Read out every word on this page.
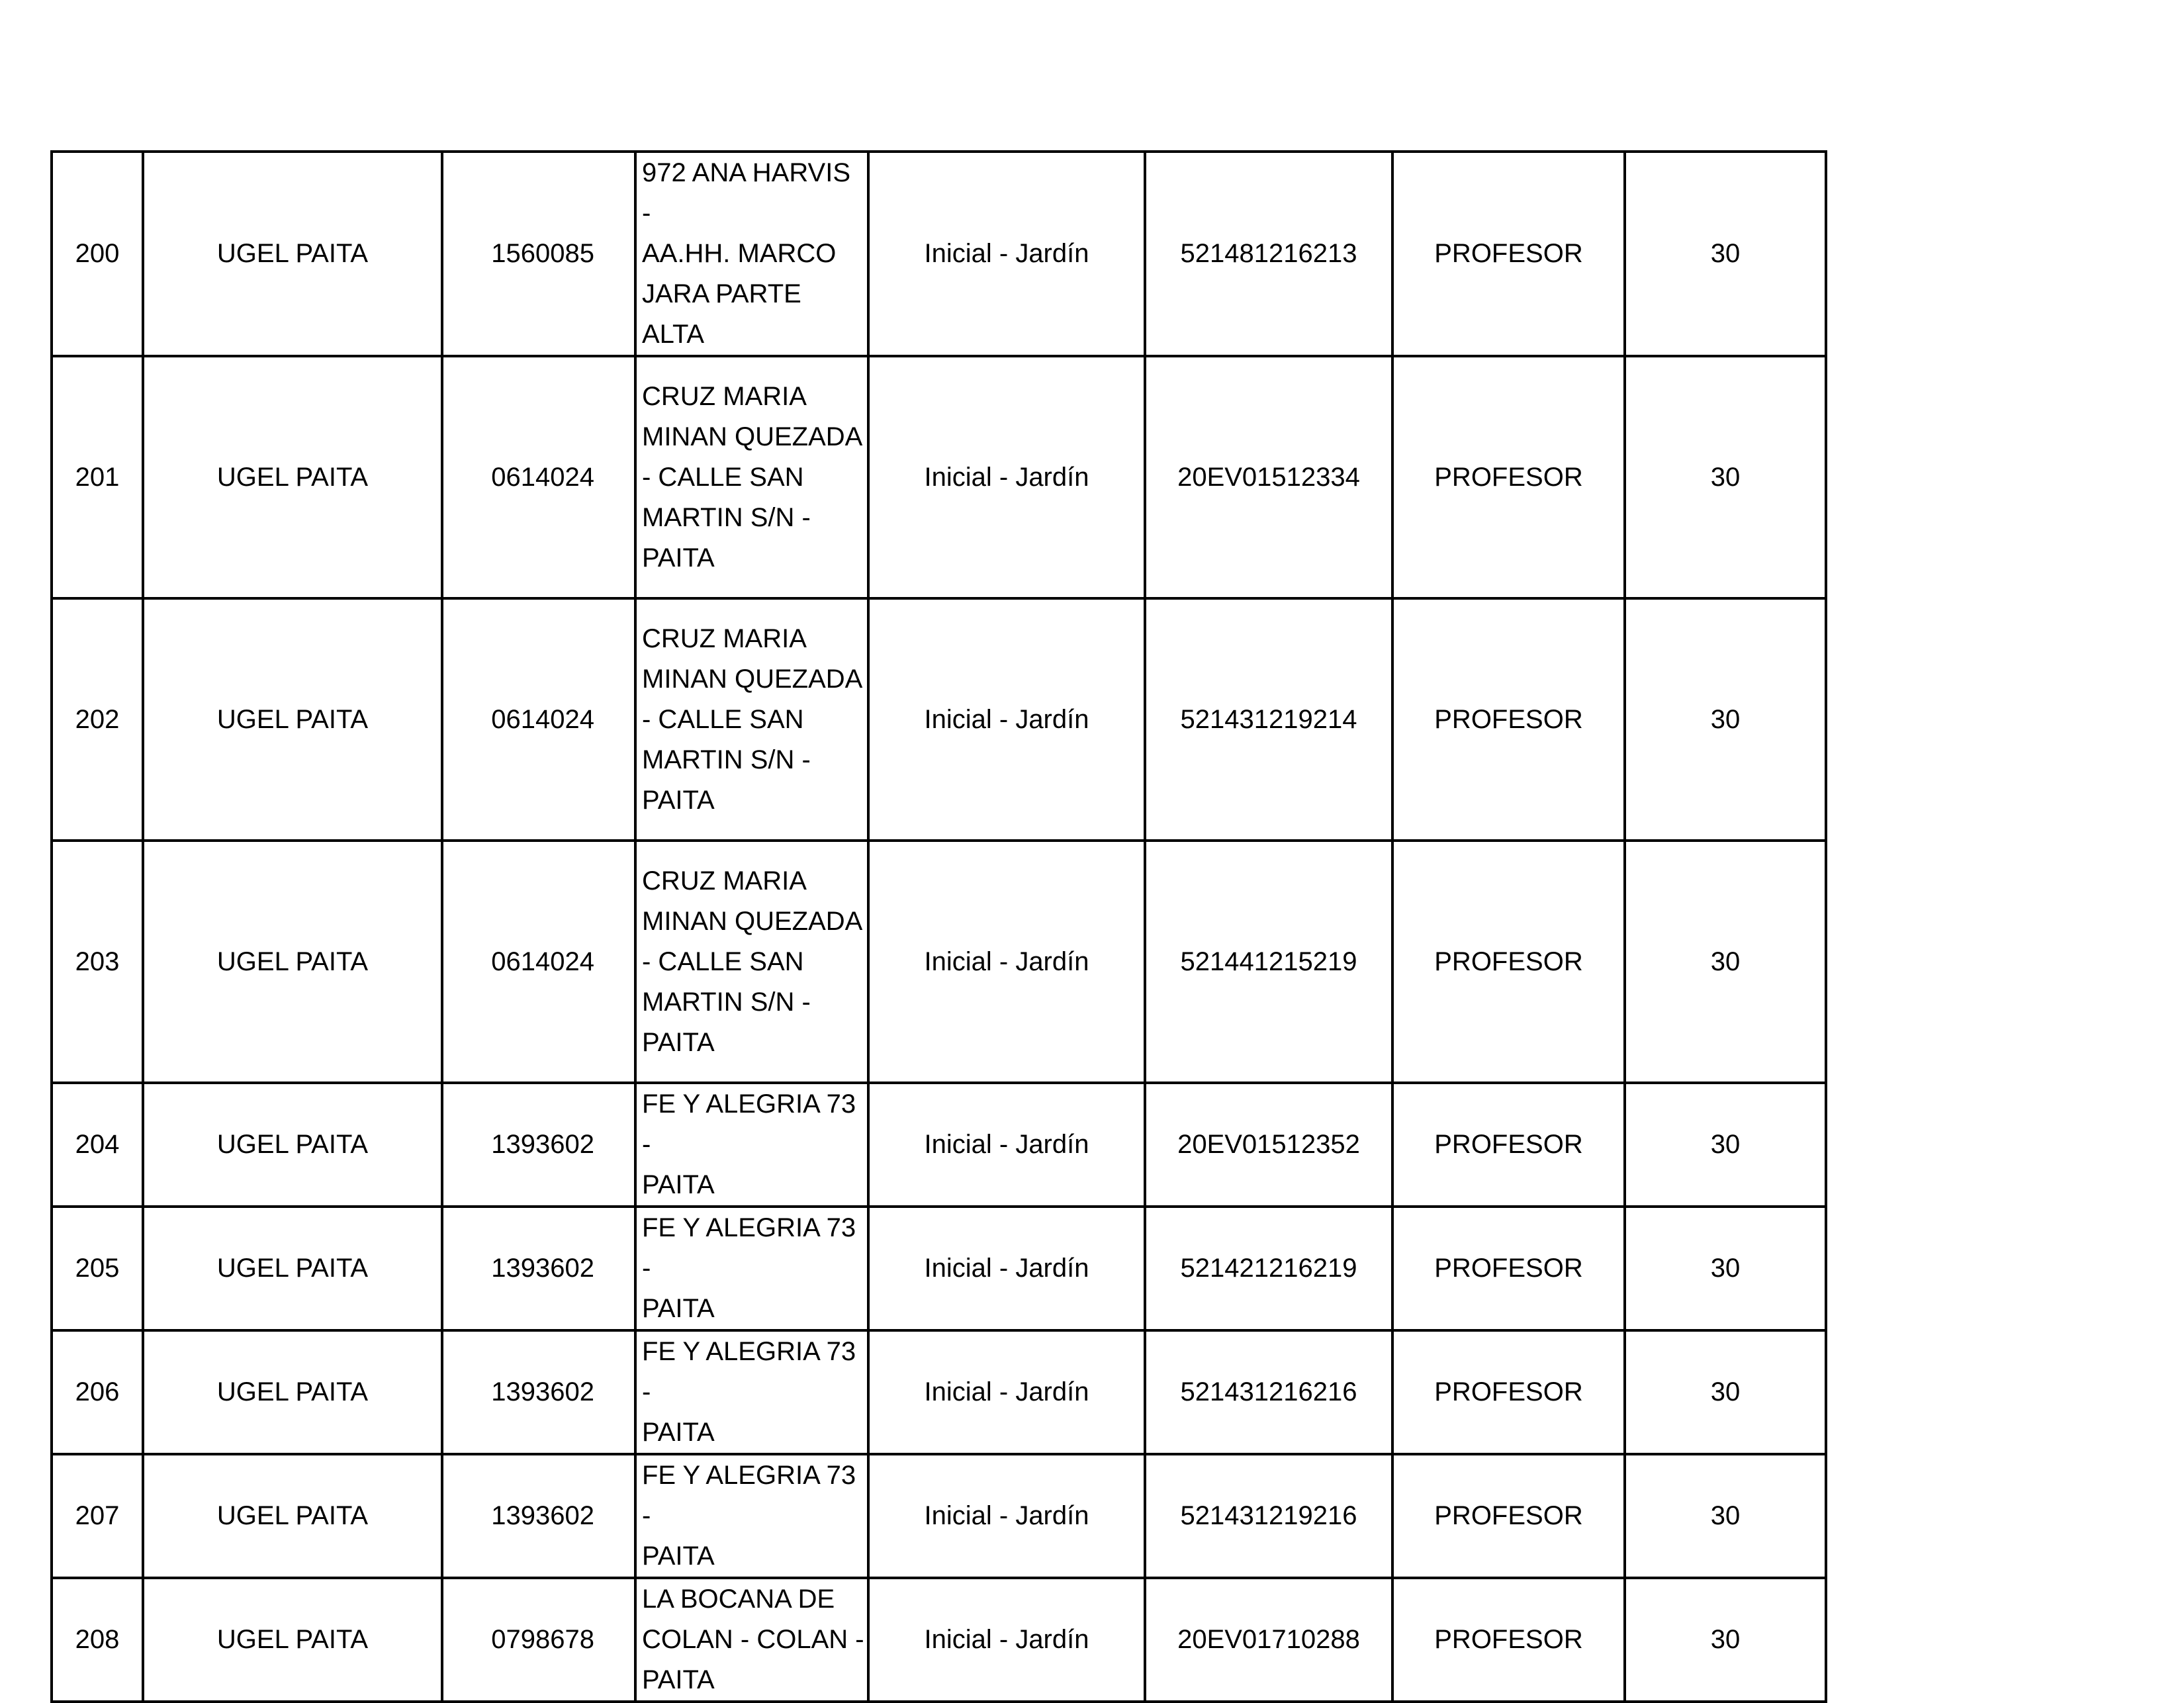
200	UGEL PAITA	1560085	972 ANA HARVIS -
AA.HH. MARCO
JARA PARTE ALTA	Inicial - Jardín	521481216213	PROFESOR	30
201	UGEL PAITA	0614024	CRUZ MARIA
MINAN QUEZADA
- CALLE SAN
MARTIN S/N -
PAITA	Inicial - Jardín	20EV01512334	PROFESOR	30
202	UGEL PAITA	0614024	CRUZ MARIA
MINAN QUEZADA
- CALLE SAN
MARTIN S/N -
PAITA	Inicial - Jardín	521431219214	PROFESOR	30
203	UGEL PAITA	0614024	CRUZ MARIA
MINAN QUEZADA
- CALLE SAN
MARTIN S/N -
PAITA	Inicial - Jardín	521441215219	PROFESOR	30
204	UGEL PAITA	1393602	FE Y ALEGRIA 73 -
PAITA	Inicial - Jardín	20EV01512352	PROFESOR	30
205	UGEL PAITA	1393602	FE Y ALEGRIA 73 -
PAITA	Inicial - Jardín	521421216219	PROFESOR	30
206	UGEL PAITA	1393602	FE Y ALEGRIA 73 -
PAITA	Inicial - Jardín	521431216216	PROFESOR	30
207	UGEL PAITA	1393602	FE Y ALEGRIA 73 -
PAITA	Inicial - Jardín	521431219216	PROFESOR	30
208	UGEL PAITA	0798678	LA BOCANA DE
COLAN - COLAN -
PAITA	Inicial - Jardín	20EV01710288	PROFESOR	30
